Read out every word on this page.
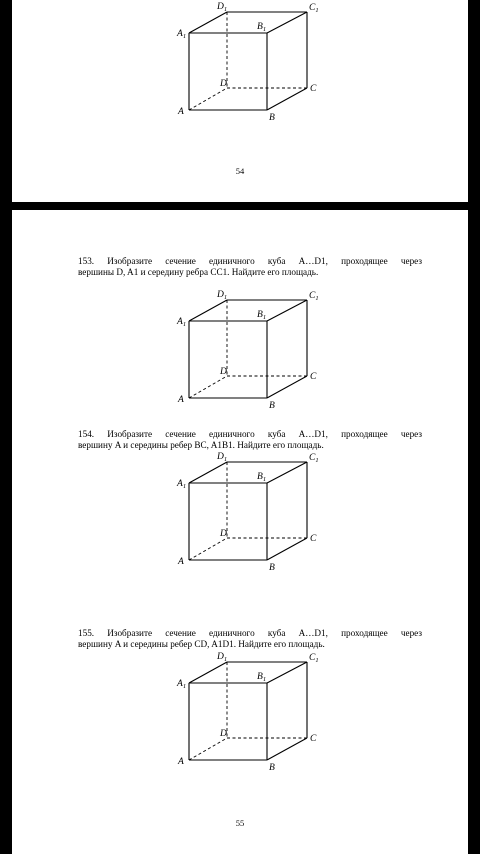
$A_1$
$D_1$	$C_1$
$B_1$
D	C
A
B
54
153. Изобразите сечение единичного куба A…D1, проходящее через
вершины D, A1 и середину ребра CC1. Найдите его площадь.
$A_1$
$D_1$	$C_1$
$B_1$
D	C
A
B
154. Изобразите сечение единичного куба A…D1, проходящее через
вершину A и середины ребер BC, A1B1. Найдите его площадь.
$A_1$
$D_1$	$C_1$
$B_1$
D	C
A
B
155. Изобразите сечение единичного куба A…D1, проходящее через
вершину A и середины ребер CD, A1D1. Найдите его площадь.
$A_1$
$D_1$	$C_1$
$B_1$
D	C
A
B
55
